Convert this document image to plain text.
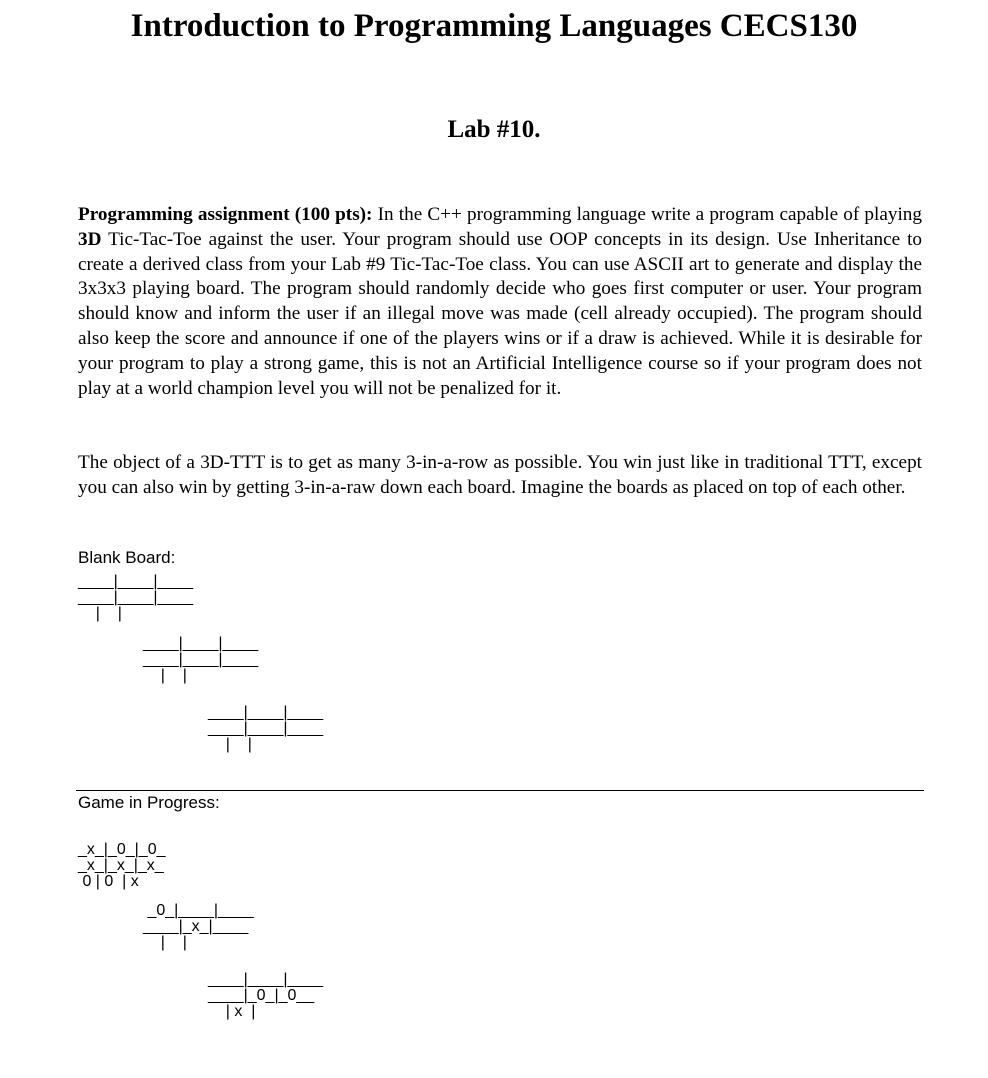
Introduction to Programming Languages CECS130
Lab #10.
Programming assignment (100 pts): In the C++ programming language write a program capable of playing 3D Tic-Tac-Toe against the user. Your program should use OOP concepts in its design. Use Inheritance to create a derived class from your Lab #9 Tic-Tac-Toe class. You can use ASCII art to generate and display the 3x3x3 playing board. The program should randomly decide who goes first computer or user. Your program should know and inform the user if an illegal move was made (cell already occupied). The program should also keep the score and announce if one of the players wins or if a draw is achieved. While it is desirable for your program to play a strong game, this is not an Artificial Intelligence course so if your program does not play at a world champion level you will not be penalized for it.
The object of a 3D-TTT is to get as many 3-in-a-row as possible. You win just like in traditional TTT, except you can also win by getting 3-in-a-raw down each board. Imagine the boards as placed on top of each other.
Blank Board:
____|____|____
____|____|____
|    |
____|____|____
____|____|____
|    |
____|____|____
____|____|____
|    |
Game in Progress:
_x_|_0_|_0_
_x_|_x_|_x_
0 | 0  | x
_0_|____|____
____|_x_|____
|    |
____|____|____
____|_0_|_0__
| x  |
